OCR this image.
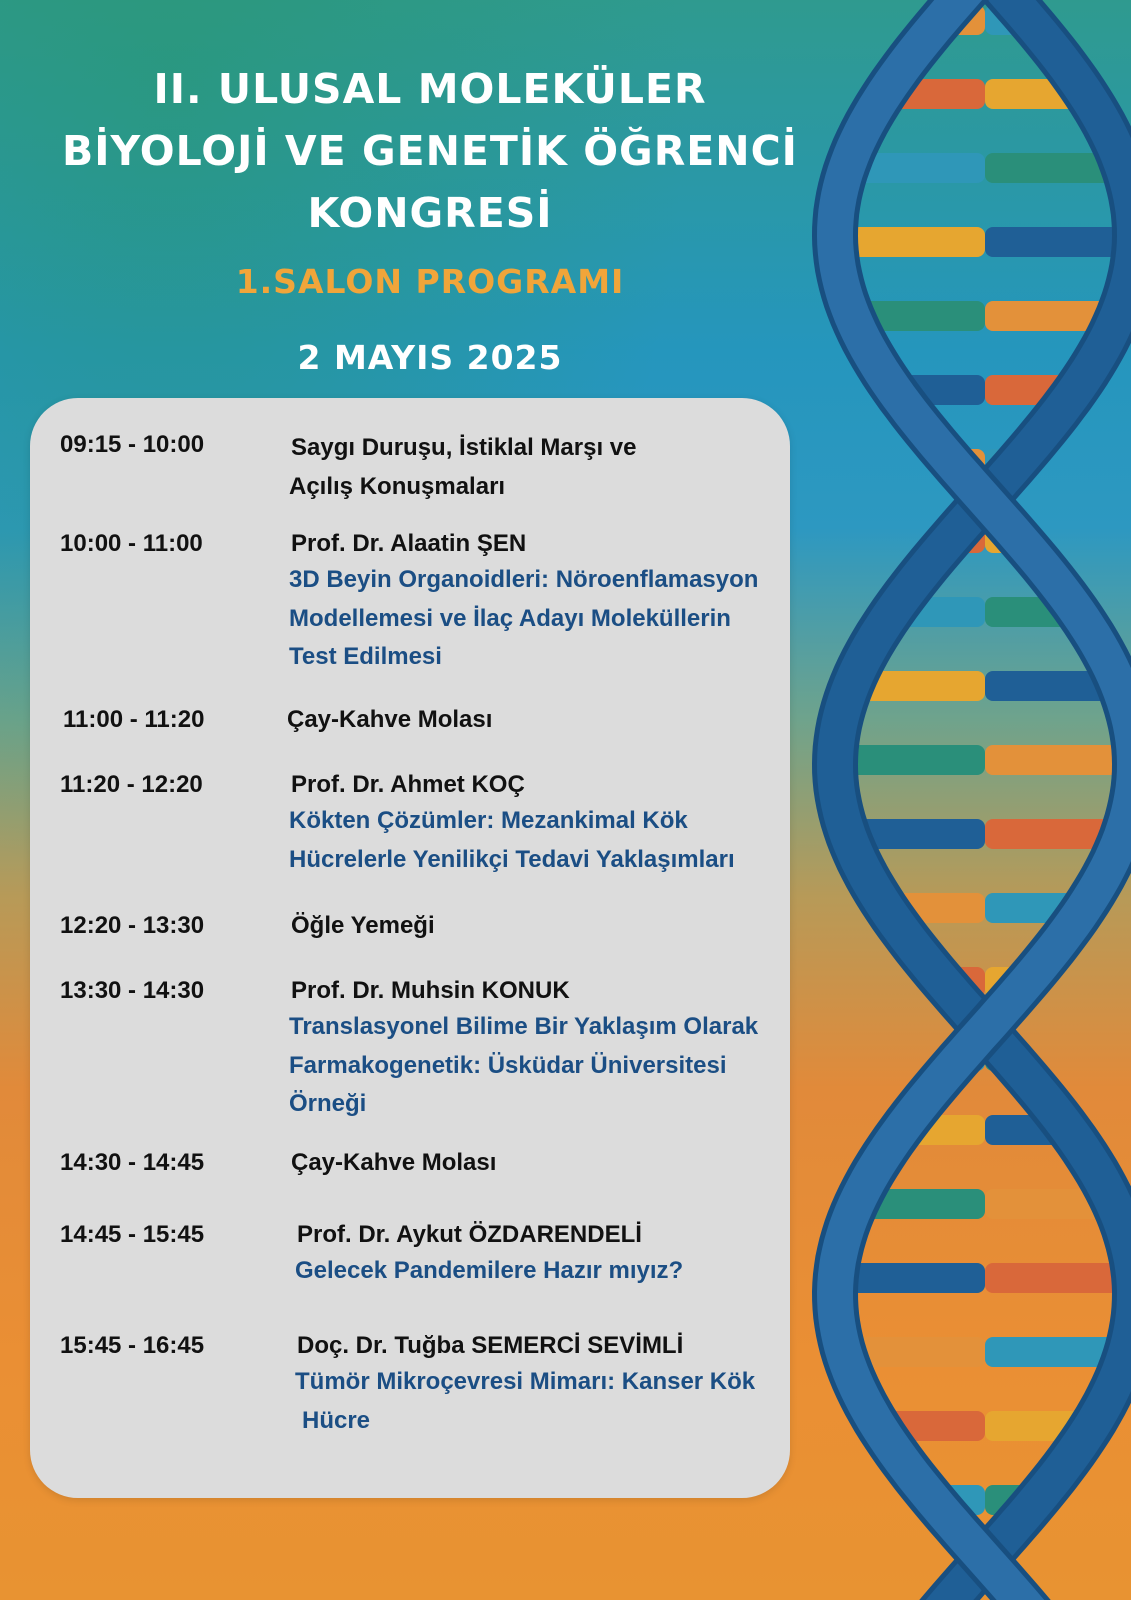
II. ULUSAL MOLEKÜLER
BİYOLOJİ VE GENETİK ÖĞRENCİ
KONGRESİ
1.SALON PROGRAMI
2 MAYIS 2025
09:15 - 10:00	Saygı Duruşu, İstiklal Marşı ve
Açılış Konuşmaları
10:00 - 11:00	Prof. Dr. Alaatin ŞEN
3D Beyin Organoidleri: Nöroenflamasyon
Modellemesi ve İlaç Adayı Moleküllerin
Test Edilmesi
11:00 - 11:20	Çay-Kahve Molası
11:20 - 12:20	Prof. Dr. Ahmet KOÇ
Kökten Çözümler: Mezankimal Kök
Hücrelerle Yenilikçi Tedavi Yaklaşımları
12:20 - 13:30	Öğle Yemeği
13:30 - 14:30	Prof. Dr. Muhsin KONUK
Translasyonel Bilime Bir Yaklaşım Olarak
Farmakogenetik: Üsküdar Üniversitesi
Örneği
14:30 - 14:45	Çay-Kahve Molası
14:45 - 15:45	Prof. Dr. Aykut ÖZDARENDELİ
Gelecek Pandemilere Hazır mıyız?
15:45 - 16:45	Doç. Dr. Tuğba SEMERCİ SEVİMLİ
Tümör Mikroçevresi Mimarı: Kanser Kök
Hücre
